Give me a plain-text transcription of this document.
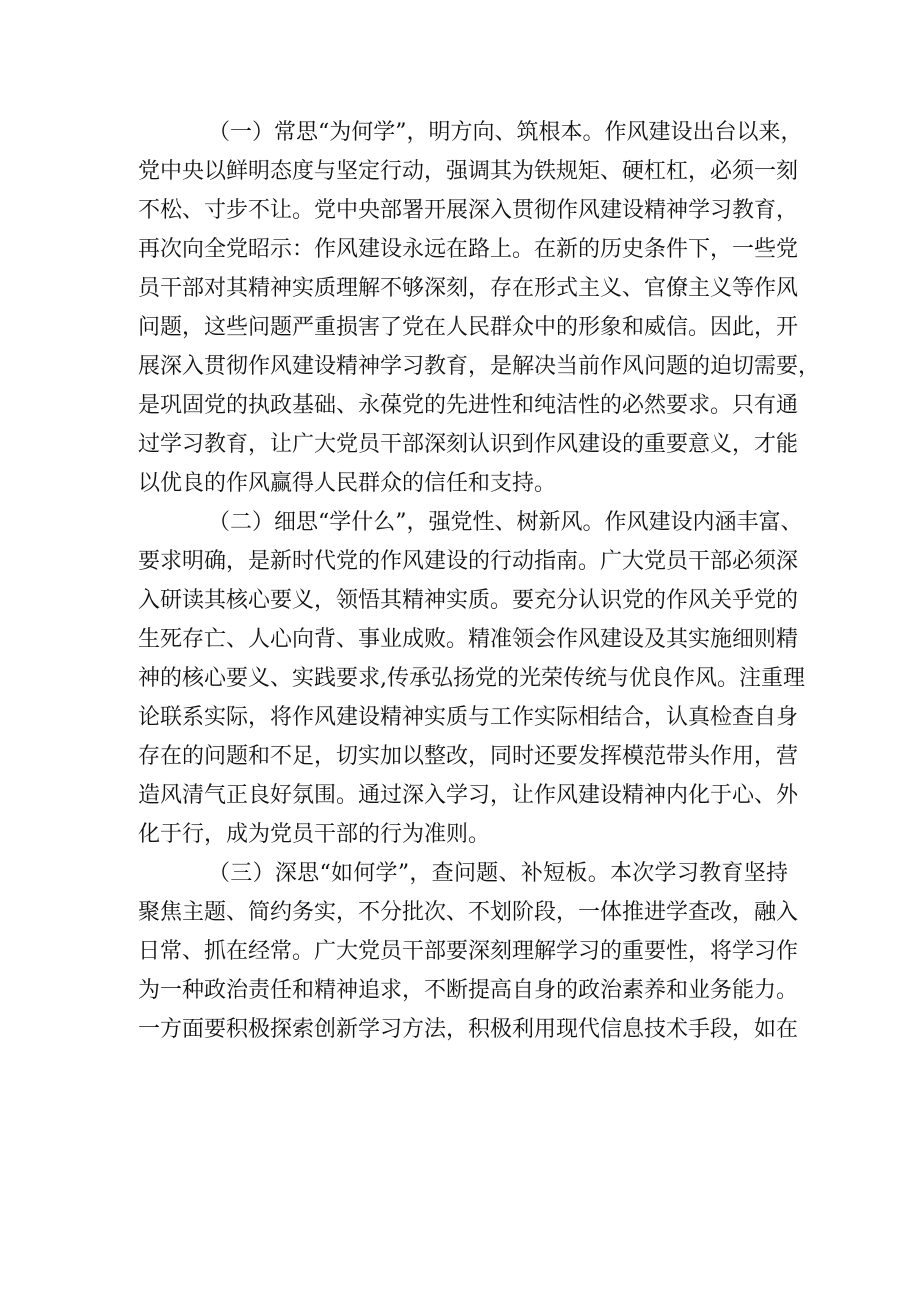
（一）常思“为何学”，明方向、筑根本。作风建设出台以来，
党中央以鲜明态度与坚定行动，强调其为铁规矩、硬杠杠，必须一刻
不松、寸步不让。党中央部署开展深入贯彻作风建设精神学习教育，
再次向全党昭示：作风建设永远在路上。在新的历史条件下，一些党
员干部对其精神实质理解不够深刻，存在形式主义、官僚主义等作风
问题，这些问题严重损害了党在人民群众中的形象和威信。因此，开
展深入贯彻作风建设精神学习教育，是解决当前作风问题的迫切需要，
是巩固党的执政基础、永葆党的先进性和纯洁性的必然要求。只有通
过学习教育，让广大党员干部深刻认识到作风建设的重要意义，才能
以优良的作风赢得人民群众的信任和支持。
（二）细思“学什么”，强党性、树新风。作风建设内涵丰富、
要求明确，是新时代党的作风建设的行动指南。广大党员干部必须深
入研读其核心要义，领悟其精神实质。要充分认识党的作风关乎党的
生死存亡、人心向背、事业成败。精准领会作风建设及其实施细则精
神的核心要义、实践要求,传承弘扬党的光荣传统与优良作风。注重理
论联系实际，将作风建设精神实质与工作实际相结合，认真检查自身
存在的问题和不足，切实加以整改，同时还要发挥模范带头作用，营
造风清气正良好氛围。通过深入学习，让作风建设精神内化于心、外
化于行，成为党员干部的行为准则。
（三）深思“如何学”，查问题、补短板。本次学习教育坚持
聚焦主题、简约务实，不分批次、不划阶段，一体推进学查改，融入
日常、抓在经常。广大党员干部要深刻理解学习的重要性，将学习作
为一种政治责任和精神追求，不断提高自身的政治素养和业务能力。
一方面要积极探索创新学习方法，积极利用现代信息技术手段，如在
